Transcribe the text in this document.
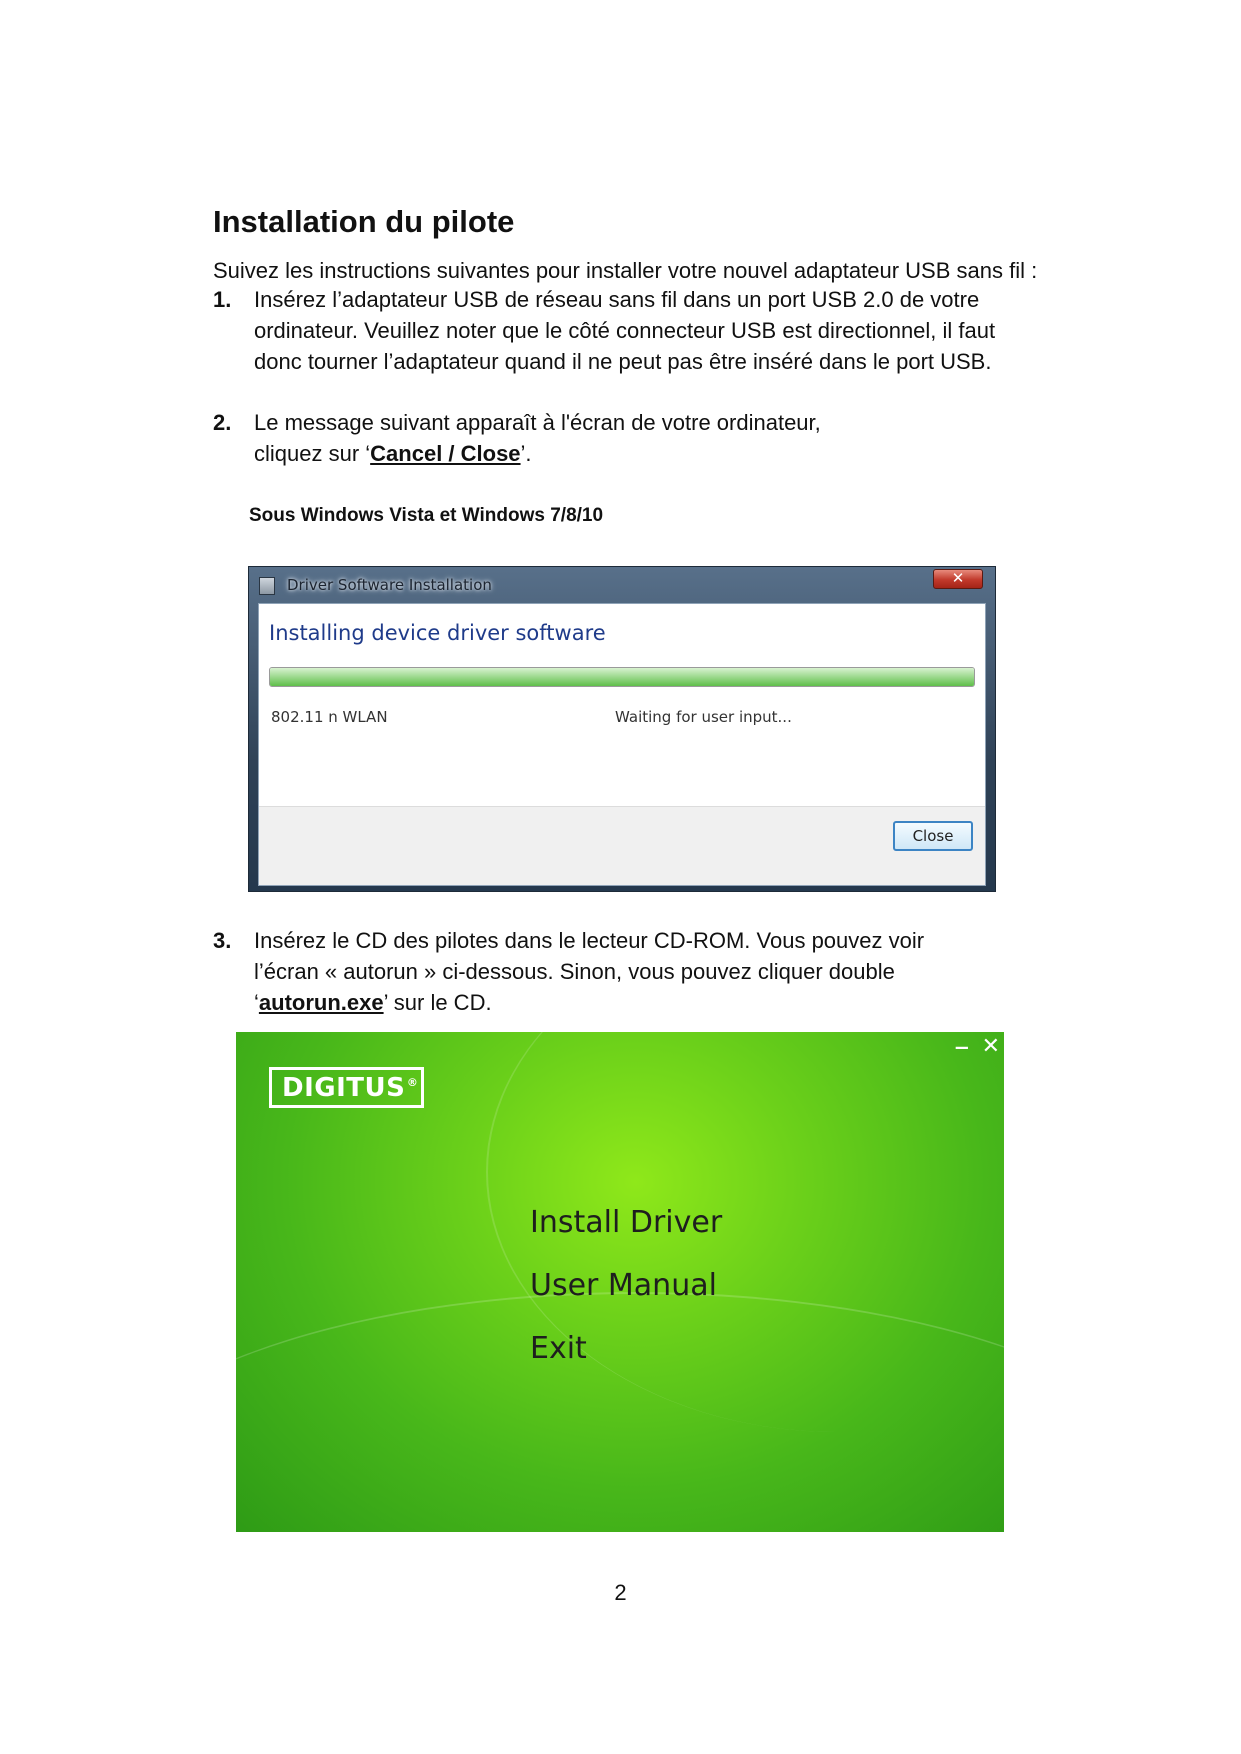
Installation du pilote
Suivez les instructions suivantes pour installer votre nouvel adaptateur USB sans fil :
1. Insérez l’adaptateur USB de réseau sans fil dans un port USB 2.0 de votre
ordinateur. Veuillez noter que le côté connecteur USB est directionnel, il faut
donc tourner l’adaptateur quand il ne peut pas être inséré dans le port USB.
2. Le message suivant apparaît à l'écran de votre ordinateur,
cliquez sur ‘Cancel / Close’.
Sous Windows Vista et Windows 7/8/10
Driver Software Installation	✕
Installing device driver software
802.11 n WLAN	Waiting for user input...
Close
3. Insérez le CD des pilotes dans le lecteur CD-ROM. Vous pouvez voir
l’écran « autorun » ci-dessous. Sinon, vous pouvez cliquer double
‘autorun.exe’ sur le CD.
‒ ✕
DIGITUS ®
Install Driver
User Manual
Exit
2
